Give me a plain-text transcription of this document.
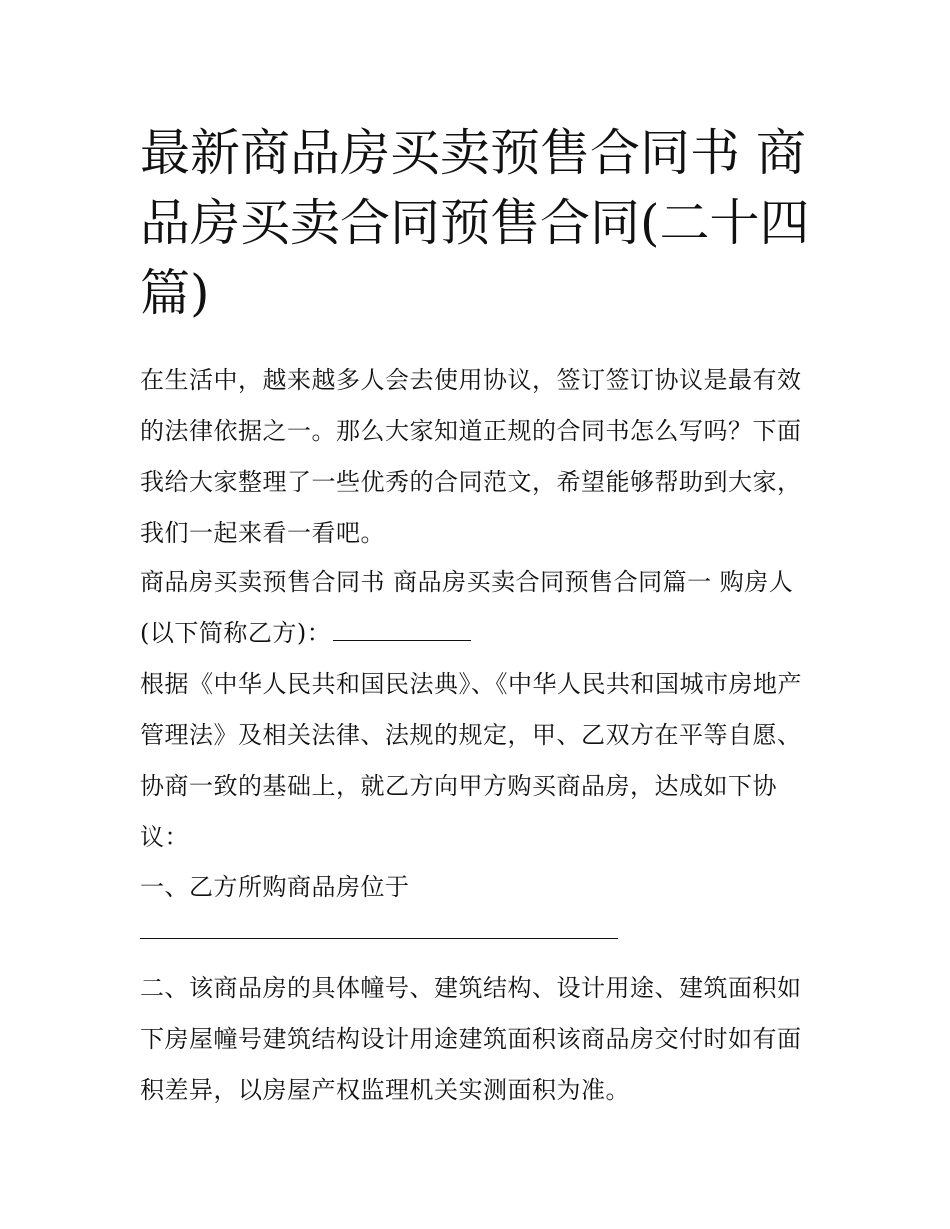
最新商品房买卖预售合同书 商品房买卖合同预售合同(二十四篇)

在生活中，越来越多人会去使用协议，签订签订协议是最有效的法律依据之一。那么大家知道正规的合同书怎么写吗？下面我给大家整理了一些优秀的合同范文，希望能够帮助到大家，我们一起来看一看吧。

商品房买卖预售合同书 商品房买卖合同预售合同篇一 购房人(以下简称乙方)：

根据《中华人民共和国民法典》、《中华人民共和国城市房地产管理法》及相关法律、法规的规定，甲、乙双方在平等自愿、协商一致的基础上，就乙方向甲方购买商品房，达成如下协议：

一、乙方所购商品房位于

二、该商品房的具体幢号、建筑结构、设计用途、建筑面积如下房屋幢号建筑结构设计用途建筑面积该商品房交付时如有面积差异，以房屋产权监理机关实测面积为准。
